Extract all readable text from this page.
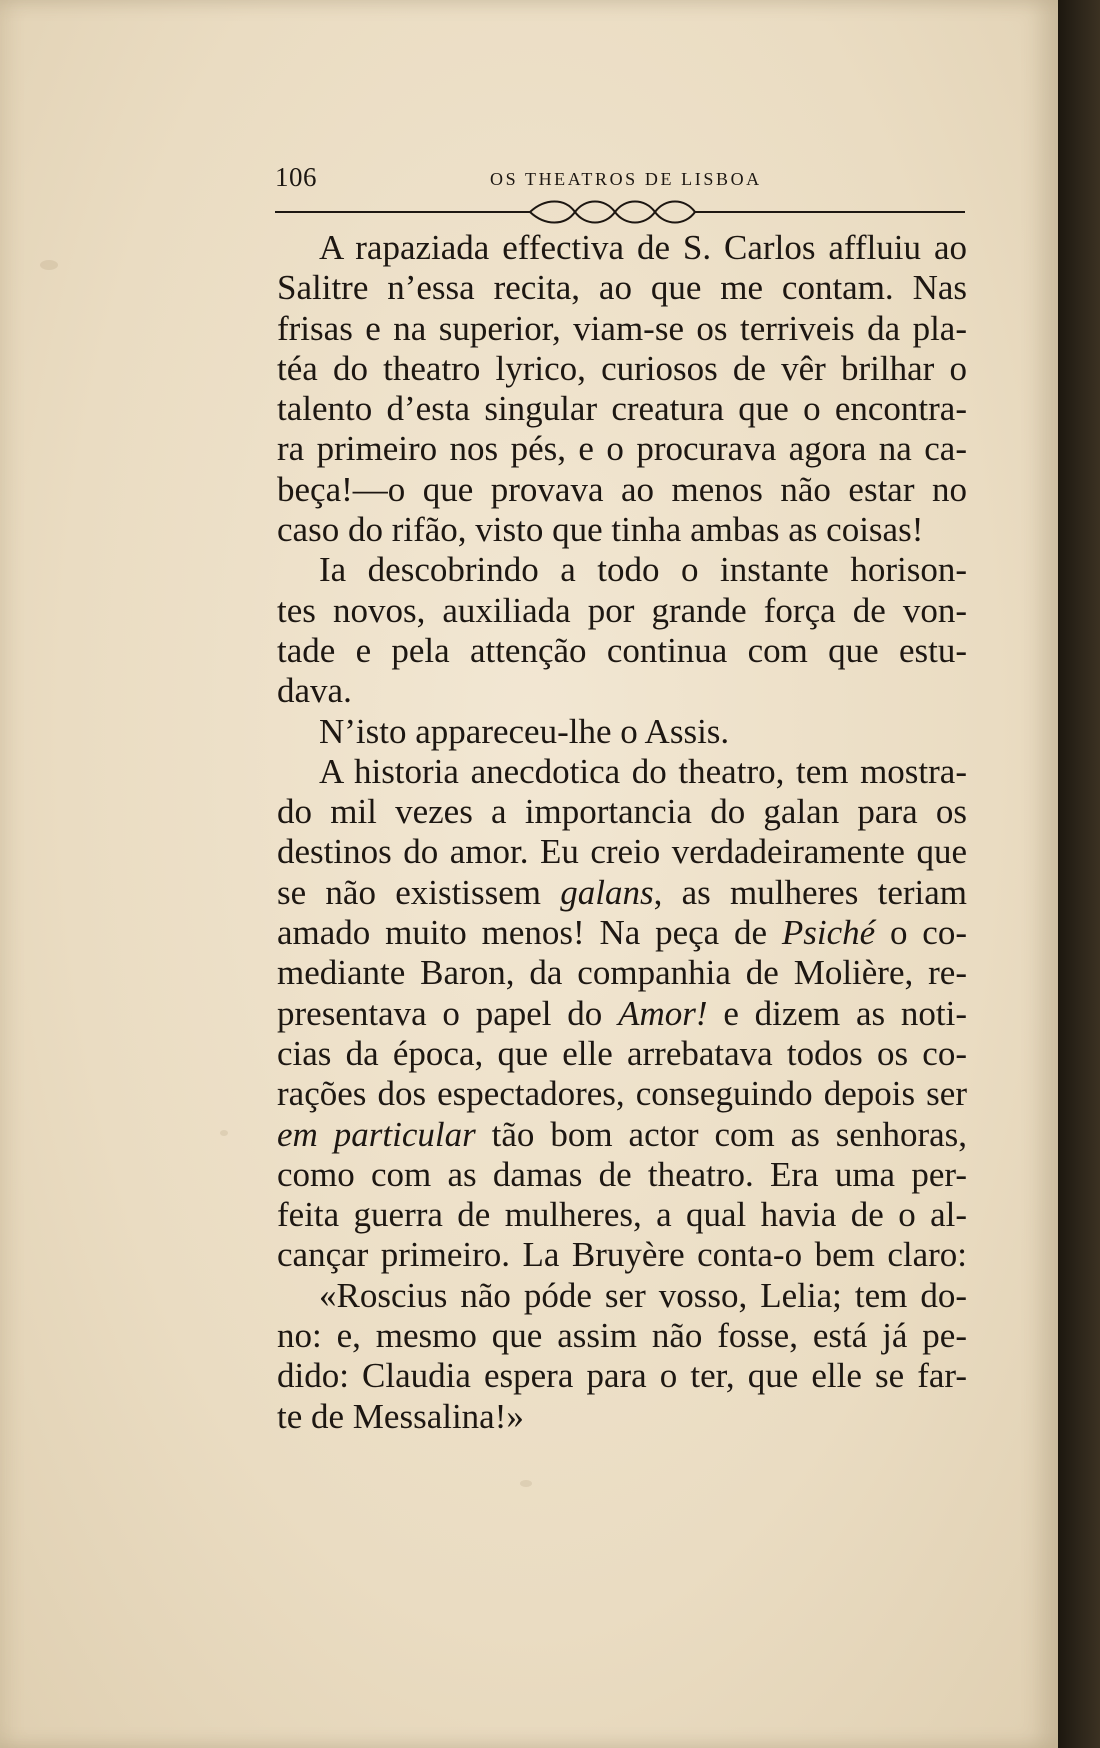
106	OS THEATROS DE LISBOA
A rapaziada effectiva de S. Carlos affluiu ao
Salitre n’essa recita, ao que me contam. Nas
frisas e na superior, viam-se os terriveis da pla-
téa do theatro lyrico, curiosos de vêr brilhar o
talento d’esta singular creatura que o encontra-
ra primeiro nos pés, e o procurava agora na ca-
beça!—o que provava ao menos não estar no
caso do rifão, visto que tinha ambas as coisas!
Ia descobrindo a todo o instante horison-
tes novos, auxiliada por grande força de von-
tade e pela attenção continua com que estu-
dava.
N’isto appareceu-lhe o Assis.
A historia anecdotica do theatro, tem mostra-
do mil vezes a importancia do galan para os
destinos do amor. Eu creio verdadeiramente que
se não existissem galans, as mulheres teriam
amado muito menos! Na peça de Psiché o co-
mediante Baron, da companhia de Molière, re-
presentava o papel do Amor! e dizem as noti-
cias da época, que elle arrebatava todos os co-
rações dos espectadores, conseguindo depois ser
em particular tão bom actor com as senhoras,
como com as damas de theatro. Era uma per-
feita guerra de mulheres, a qual havia de o al-
cançar primeiro. La Bruyère conta-o bem claro:
«Roscius não póde ser vosso, Lelia; tem do-
no: e, mesmo que assim não fosse, está já pe-
dido: Claudia espera para o ter, que elle se far-
te de Messalina!»
